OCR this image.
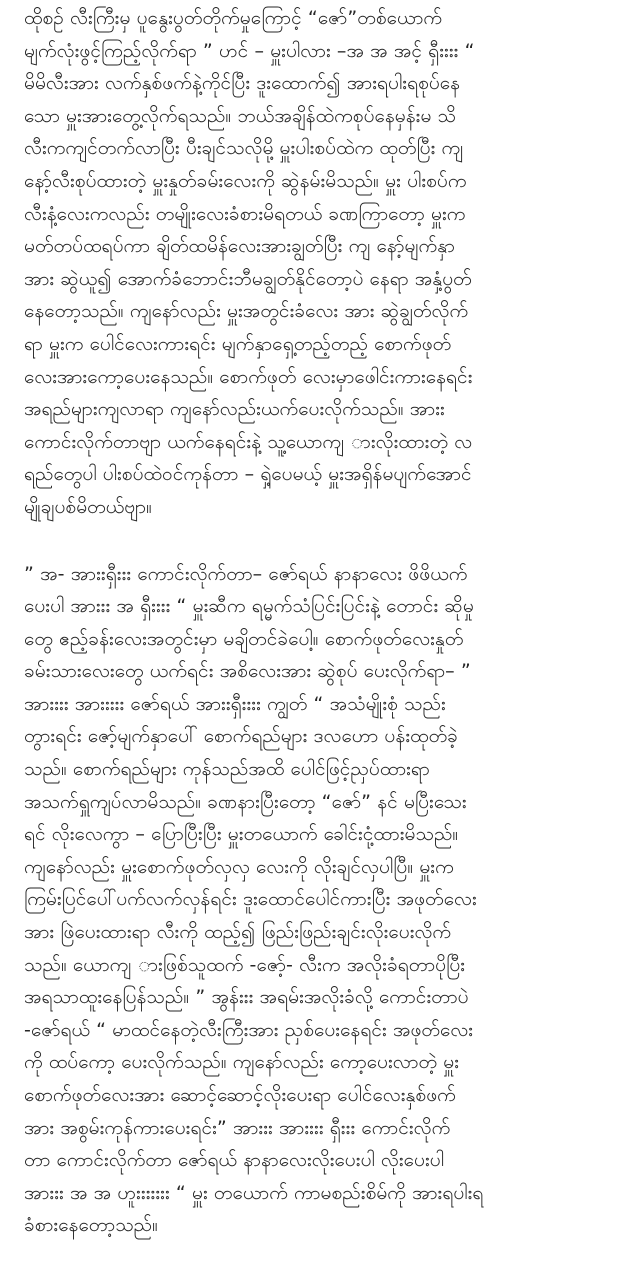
ထိုစဉ် လီးကြီးမှ ပူနွေးပွတ်တိုက်မှုကြောင့် “ဇော်”တစ်ယောက်
မျက်လုံးဖွင့်ကြည့်လိုက်ရာ ” ဟင် – မှူးပါလား –အ အ အင့် ရှီးးးး “
မိမိလီးအား လက်နှစ်ဖက်နဲ့ကိုင်ပြီး ဒူးထောက်၍ အားရပါးရစုပ်နေ
သော မှူးအားတွေ့လိုက်ရသည်။ ဘယ်အချိန်ထဲကစုပ်နေမှန်းမ သိ
လီးကကျင်တက်လာပြီး ပီးချင်သလိုမို့ မှူးပါးစပ်ထဲက ထုတ်ပြီး ကျ
နော့်လီးစုပ်ထားတဲ့ မှူးနှုတ်ခမ်းလေးကို ဆွဲနမ်းမိသည်။ မှူး ပါးစပ်က
လီးနံ့လေးကလည်း တမျိုးလေးခံစားမိရတယ် ခဏကြာတော့ မှူးက
မတ်တပ်ထရပ်ကာ ချိတ်ထမိန်လေးအားချွတ်ပြီး ကျ နော့်မျက်နှာ
အား ဆွဲယူ၍ အောက်ခံဘောင်းဘီမချွတ်နိုင်တော့ပဲ နေရာ အနှံ့ပွတ်
နေတော့သည်။ ကျနော်လည်း မှူးအတွင်းခံလေး အား ဆွဲချွတ်လိုက်
ရာ မှူးက ပေါင်လေးကားရင်း မျက်နှာရှေ့တည့်တည့် စောက်ဖုတ်
လေးအားကော့ပေးနေသည်။ စောက်ဖုတ် လေးမှာဖေါင်းကားနေရင်း
အရည်များကျလာရာ ကျနော်လည်းယက်ပေးလိုက်သည်။ အားး
ကောင်းလိုက်တာဗျာ ယက်နေရင်းနဲ့ သူ့ယောကျ ားလိုးထားတဲ့ လ
ရည်တွေပါ ပါးစပ်ထဲဝင်ကုန်တာ – ရှဲ့ပေမယ့် မှူးအရှိန်မပျက်အောင်
မျိုချပစ်မိတယ်ဗျာ။
” အ- အားးရှီးးး ကောင်းလိုက်တာ– ဇော်ရယ် နာနာလေး ဖိဖိယက်
ပေးပါ အားးး အ ရှီးးးး “ မှူးဆီက ရမ္မက်သံပြင်းပြင်းနဲ့ တောင်း ဆိုမှု
တွေ ဧည့်ခန်းလေးအတွင်းမှာ မချိတင်ခဲပေါ့။ စောက်ဖုတ်လေးနှုတ်
ခမ်းသားလေးတွေ ယက်ရင်း အစိလေးအား ဆွဲစုပ် ပေးလိုက်ရာ– ”
အားးးး အားးးးး ဇော်ရယ် အားးရှီးးးး ကျွတ် “ အသံမျိုးစုံ သည်း
တွားရင်း ဇော့်မျက်နှာပေါ် စောက်ရည်များ ဒလဟော ပန်းထုတ်ခဲ့
သည်။ စောက်ရည်များ ကုန်သည်အထိ ပေါင်ဖြင့်ညှပ်ထားရာ
အသက်ရှူကျပ်လာမိသည်။ ခဏနားပြီးတော့ “ဇော်” နင် မပြီးသေး
ရင် လိုးလေကွာ – ပြောပြီးပြီး မှူးတယောက် ခေါင်းငုံ့ထားမိသည်။
ကျနော်လည်း မှူးစောက်ဖုတ်လှလှ လေးကို လိုးချင်လှပါပြီ။ မှူးက
ကြမ်းပြင်ပေါ်ပက်လက်လှန်ရင်း ဒူးထောင်ပေါင်ကားပြီး အဖုတ်လေး
အား ဖြဲပေးထားရာ လီးကို ထည့်၍ ဖြည်းဖြည်းချင်းလိုးပေးလိုက်
သည်။ ယောကျ ားဖြစ်သူထက် -ဇော့်- လီးက အလိုးခံရတာပိုပြီး
အရသာထူးနေပြန်သည်။ ” အွန်းးး အရမ်းအလိုးခံလို့ ကောင်းတာပဲ
-ဇော်ရယ် “ မာထင်နေတဲ့လီးကြီးအား ညှစ်ပေးနေရင်း အဖုတ်လေး
ကို ထပ်ကော့ ပေးလိုက်သည်။ ကျနော်လည်း ကော့ပေးလာတဲ့ မှူး
စောက်ဖုတ်လေးအား ဆောင့်ဆောင့်လိုးပေးရာ ပေါင်လေးနှစ်ဖက်
အား အစွမ်းကုန်ကားပေးရင်း” အားးး အားးးး ရှီးးး ကောင်းလိုက်
တာ ကောင်းလိုက်တာ ဇော်ရယ် နာနာလေးလိုးပေးပါ လိုးပေးပါ
အားးး အ အ ဟူးးးးးးး “ မှူး တယောက် ကာမစည်းစိမ်ကို အားရပါးရ
ခံစားနေတော့သည်။
